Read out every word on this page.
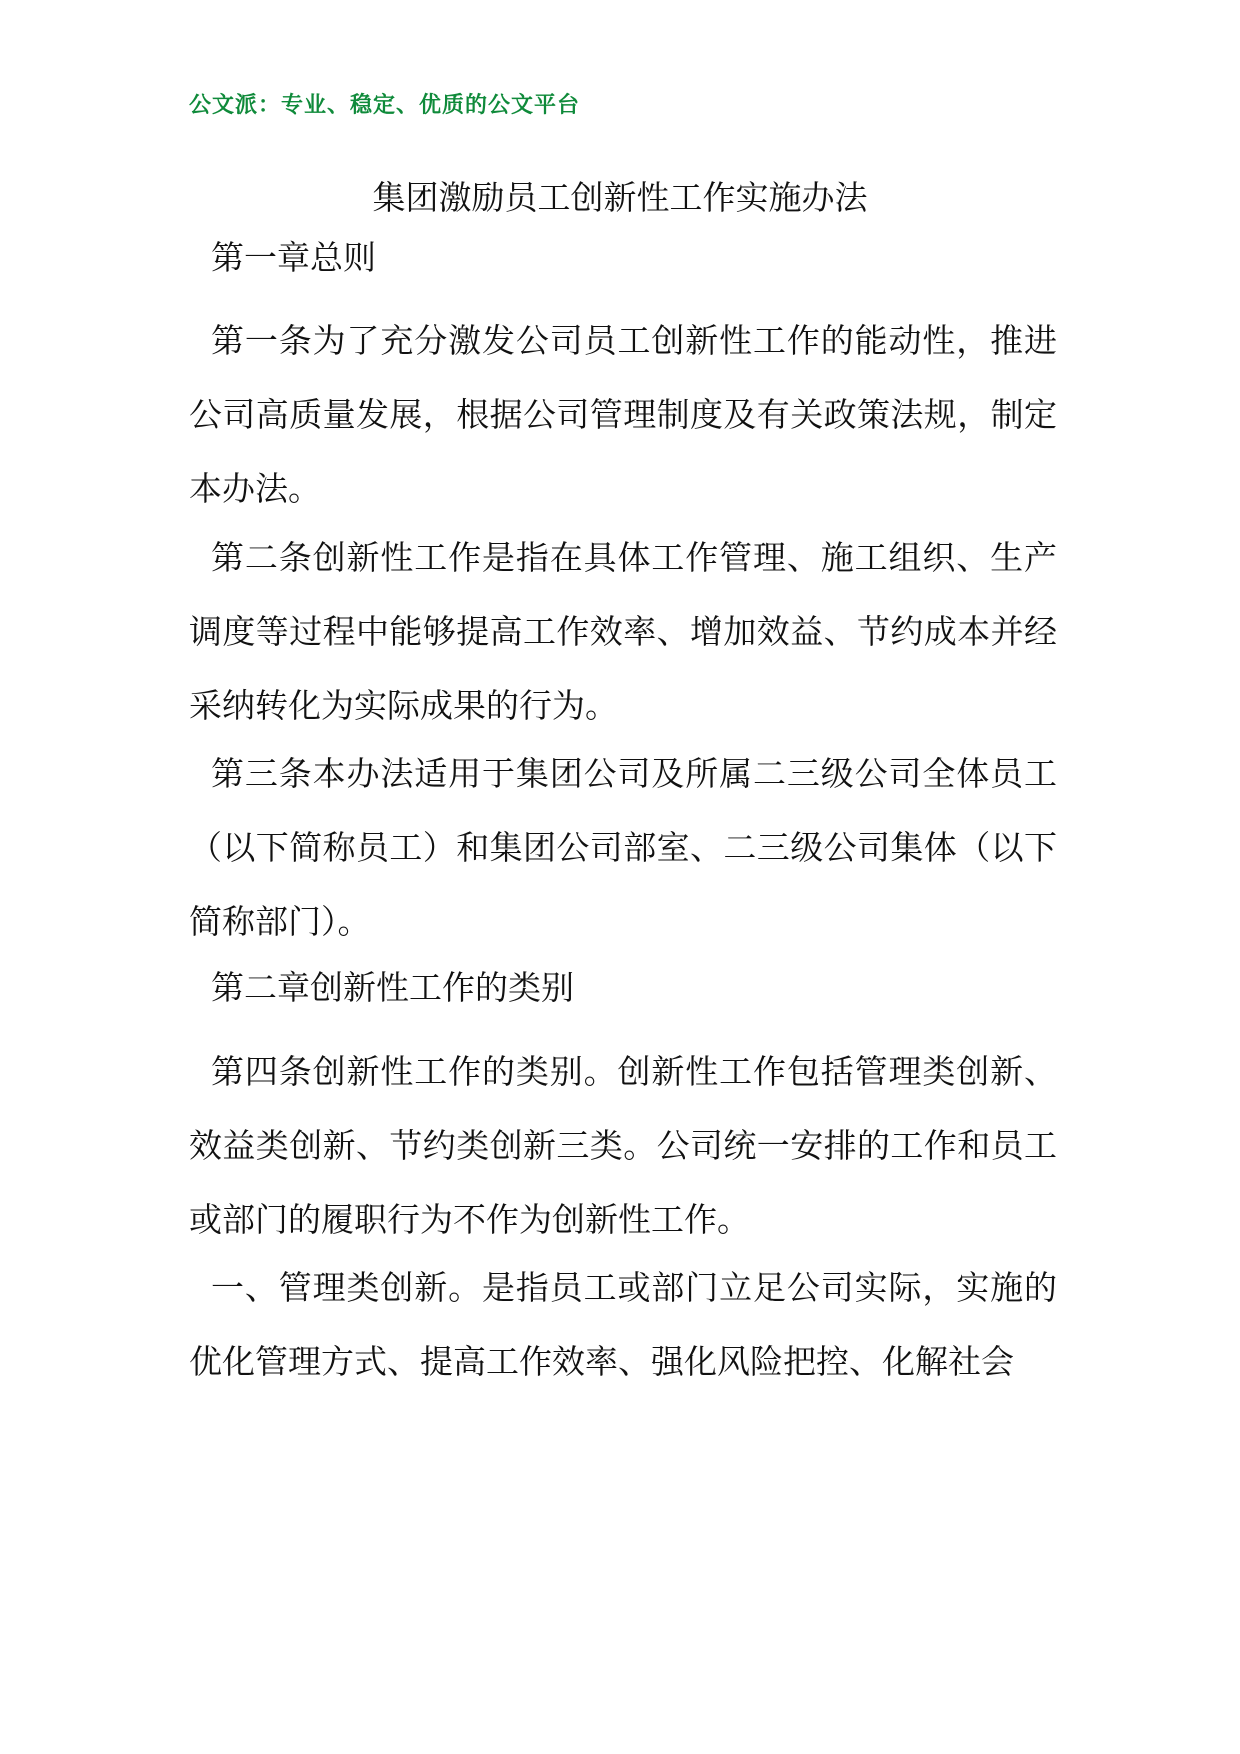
公文派：专业、稳定、优质的公文平台
集团激励员工创新性工作实施办法
第一章总则
第一条为了充分激发公司员工创新性工作的能动性，推进公司高质量发展，根据公司管理制度及有关政策法规，制定本办法。
第二条创新性工作是指在具体工作管理、施工组织、生产调度等过程中能够提高工作效率、增加效益、节约成本并经采纳转化为实际成果的行为。
第三条本办法适用于集团公司及所属二三级公司全体员工（以下简称员工）和集团公司部室、二三级公司集体（以下简称部门）。
第二章创新性工作的类别
第四条创新性工作的类别。创新性工作包括管理类创新、效益类创新、节约类创新三类。公司统一安排的工作和员工或部门的履职行为不作为创新性工作。
一、管理类创新。是指员工或部门立足公司实际，实施的优化管理方式、提高工作效率、强化风险把控、化解社会
